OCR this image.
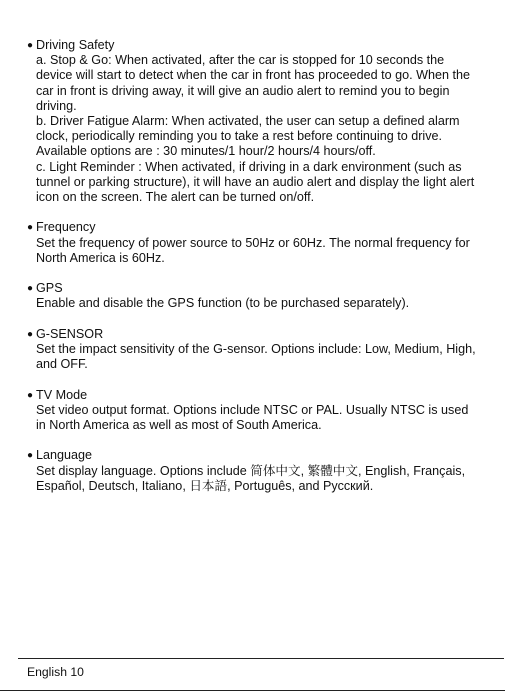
● Driving Safety

a. Stop & Go: When activated, after the car is stopped for 10 seconds the device will start to detect when the car in front has proceeded to go. When the car in front is driving away, it will give an audio alert to remind you to begin driving.

b. Driver Fatigue Alarm: When activated, the user can setup a defined alarm clock, periodically reminding you to take a rest before continuing to drive. Available options are : 30 minutes/1 hour/2 hours/4 hours/off.

c. Light Reminder : When activated, if driving in a dark environment (such as tunnel or parking structure), it will have an audio alert and display the light alert icon on the screen. The alert can be turned on/off.

● Frequency

Set the frequency of power source to 50Hz or 60Hz. The normal frequency for North America is 60Hz.

● GPS

Enable and disable the GPS function (to be purchased separately).

● G-SENSOR

Set the impact sensitivity of the G-sensor. Options include: Low, Medium, High, and OFF.

● TV Mode

Set video output format. Options include NTSC or PAL. Usually NTSC is used in North America as well as most of South America.

● Language

Set display language. Options include 简体中文, 繁體中文, English, Français, Español, Deutsch, Italiano, 日本語, Português, and Русский.

English 10
